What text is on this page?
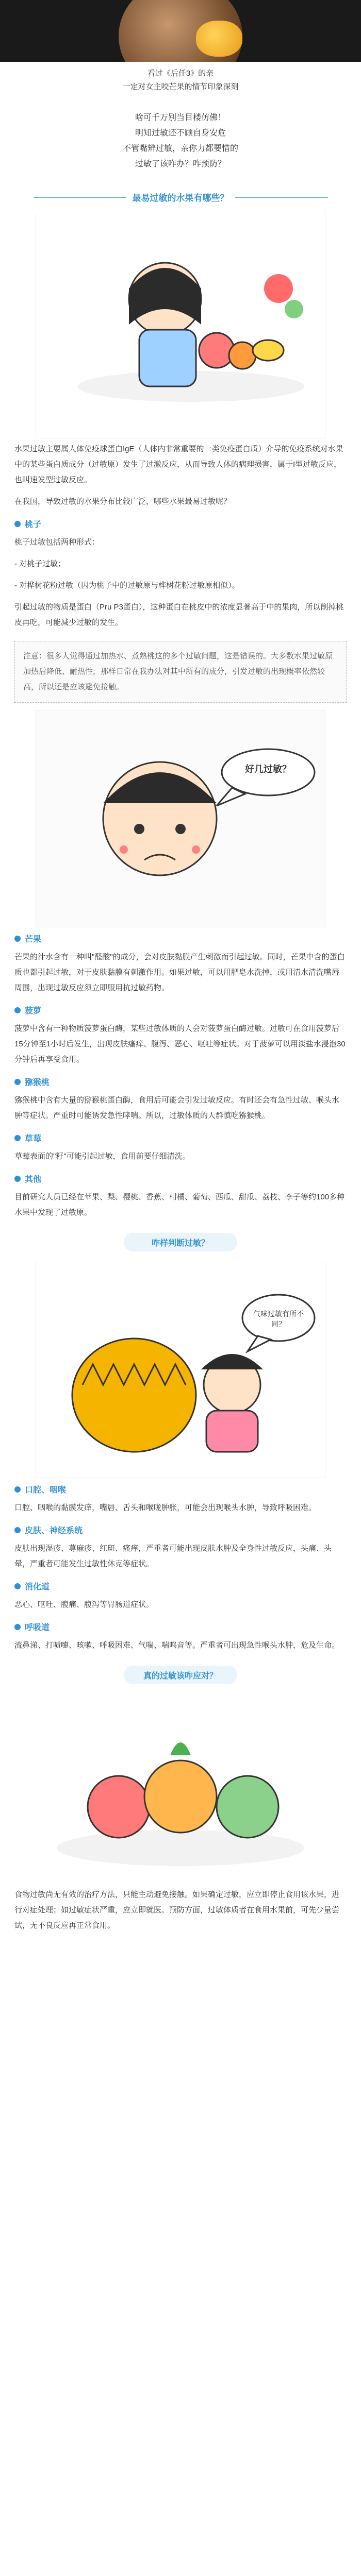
看过《后任3》的亲
一定对女主咬芒果的情节印象深刻
啥可千万别当目楼仿佛！
明知过敏还不顾自身安危
不管嘴辨过敏，亲你力都要惜的
过敏了该咋办？咋预防？
最易过敏的水果有哪些？
水果过敏主要属人体免疫球蛋白IgE（人体内非常重要的一类免疫蛋白质）介导的免疫系统对水果中的某些蛋白质成分（过敏原）发生了过激反应，从而导致人体的病理损害，属于I型过敏反应，也叫速发型过敏反应。
在我国，导致过敏的水果分布比较广泛，哪些水果最易过敏呢？
桃子
桃子过敏包括两种形式：
- 对桃子过敏；
- 对桦树花粉过敏（因为桃子中的过敏原与桦树花粉过敏原相似）。
引起过敏的物质是蛋白（Pru P3蛋白），这种蛋白在桃皮中的浓度显著高于中的果肉，所以削掉桃皮再吃，可能减少过敏的发生。
注意：很多人觉得通过加热水、煮熟桃这的多个过敏问题，这是错误的。大多数水果过敏原加热后降低、耐热性，那样日常在我办法对其中所有的成分，引发过敏的出现概率依然较高，所以还是应该避免接触。
好几过敏？
芒果
芒果的汁水含有一种叫"醛酸"的成分，会对皮肤黏膜产生刺激而引起过敏。同时，芒果中含的蛋白质也都引起过敏，对于皮肤黏膜有刺激作用。如果过敏，可以用肥皂水洗掉，或用清水清洗嘴唇周围，出现过敏反应须立即服用抗过敏药物。
菠萝
菠萝中含有一种物质菠萝蛋白酶，某些过敏体质的人会对菠萝蛋白酶过敏。过敏可在食用菠萝后15分钟至1小时后发生，出现皮肤瘙痒、腹泻、恶心、呕吐等症状。对于菠萝可以用淡盐水浸泡30分钟后再享受食用。
猕猴桃
猕猴桃中含有大量的猕猴桃蛋白酶，食用后可能会引发过敏反应。有时还会有急性过敏、喉头水肿等症状。严重时可能诱发急性哮喘。所以，过敏体质的人群慎吃猕猴桃。
草莓
草莓表面的"籽"可能引起过敏，食用前要仔细清洗。
其他
目前研究人员已经在苹果、梨、樱桃、香蕉、柑橘、葡萄、西瓜、甜瓜、荔枝、李子等约100多种水果中发现了过敏原。
咋样判断过敏？
气味过敏有所不同？
口腔、咽喉
口腔、咽喉的黏膜发痒，嘴唇、舌头和喉咙肿胀，可能会出现喉头水肿，导致呼吸困难。
皮肤、神经系统
皮肤出现湿疹、荨麻疹、红斑、瘙痒，严重者可能出现皮肤水肿及全身性过敏反应，头痛、头晕，严重者可能发生过敏性休克等症状。
消化道
恶心、呕吐、腹痛、腹泻等胃肠道症状。
呼吸道
流鼻涕、打喷嚏、咳嗽、呼吸困难、气喘、喘鸣音等。严重者可出现急性喉头水肿，危及生命。
真的过敏该咋应对？
食物过敏尚无有效的治疗方法，只能主动避免接触。如果确定过敏，应立即停止食用该水果，进行对症处理；如过敏症状严重，应立即就医。预防方面，过敏体质者在食用水果前，可先少量尝试，无不良反应再正常食用。
